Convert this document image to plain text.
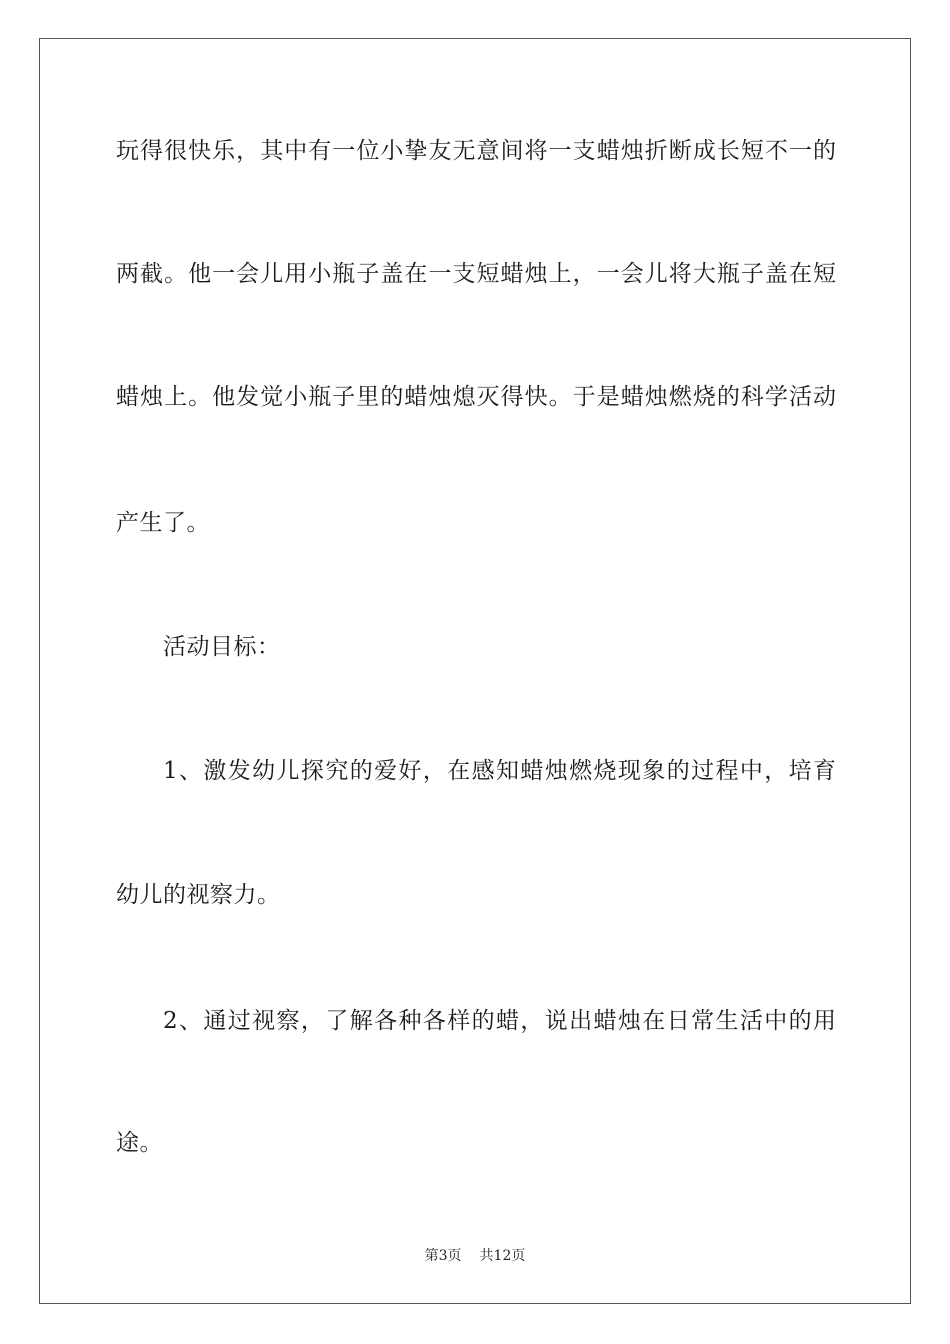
玩得很快乐，其中有一位小挚友无意间将一支蜡烛折断成长短不一的
两截。他一会儿用小瓶子盖在一支短蜡烛上，一会儿将大瓶子盖在短
蜡烛上。他发觉小瓶子里的蜡烛熄灭得快。于是蜡烛燃烧的科学活动
产生了。
活动目标：
1、激发幼儿探究的爱好，在感知蜡烛燃烧现象的过程中，培育
幼儿的视察力。
2、通过视察，了解各种各样的蜡，说出蜡烛在日常生活中的用
途。
第3页 共12页
